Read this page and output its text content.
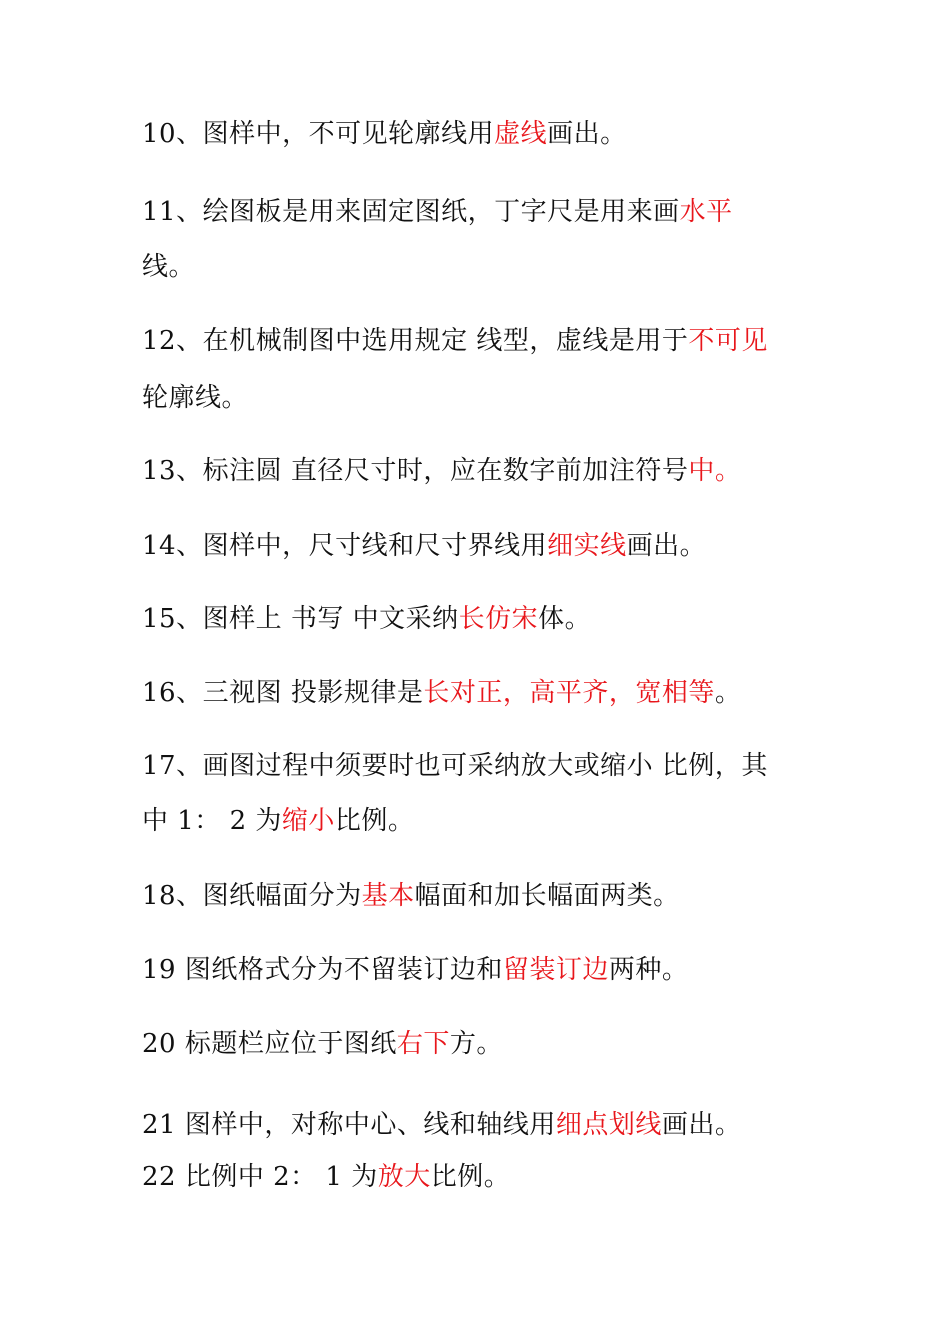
10、图样中，不可见轮廓线用虚线画出。
11、绘图板是用来固定图纸，丁字尺是用来画水平
线。
12、在机械制图中选用规定 线型，虚线是用于不可见
轮廓线。
13、标注圆 直径尺寸时，应在数字前加注符号中。
14、图样中，尺寸线和尺寸界线用细实线画出。
15、图样上 书写 中文采纳长仿宋体。
16、三视图 投影规律是长对正，高平齐，宽相等。
17、画图过程中须要时也可采纳放大或缩小 比例，其
中 1： 2 为缩小比例。
18、图纸幅面分为基本幅面和加长幅面两类。
19 图纸格式分为不留装订边和留装订边两种。
20 标题栏应位于图纸右下方。
21 图样中，对称中心、线和轴线用细点划线画出。
22 比例中 2： 1 为放大比例。
